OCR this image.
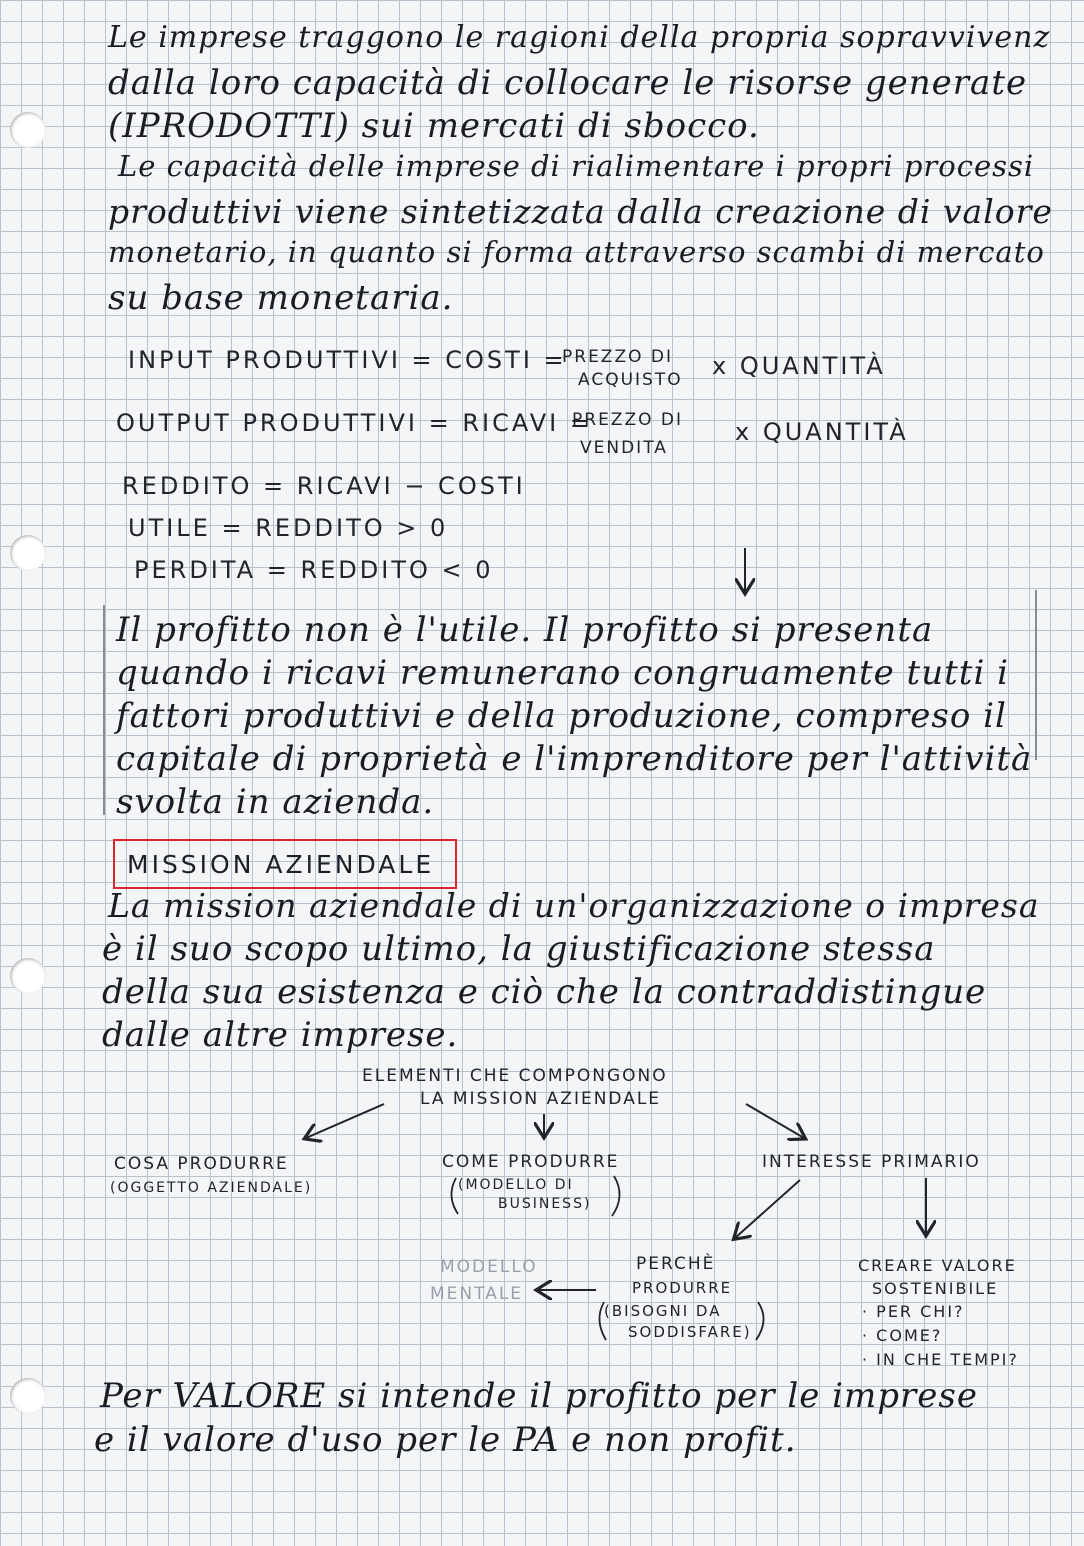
Le imprese traggono le ragioni della propria sopravvivenz
dalla loro capacità di collocare le risorse generate
(IPRODOTTI) sui mercati di sbocco.
Le capacità delle imprese di rialimentare i propri processi
produttivi viene sintetizzata dalla creazione di valore
monetario, in quanto si forma attraverso scambi di mercato
su base monetaria.
INPUT PRODUTTIVI = COSTI =
PREZZO DI
ACQUISTO x QUANTITÀ
OUTPUT PRODUTTIVI = RICAVI =
PREZZO DI
VENDITA
x QUANTITÀ
REDDITO = RICAVI − COSTI
UTILE = REDDITO > 0
PERDITA = REDDITO < 0
Il profitto non è l'utile. Il profitto si presenta
quando i ricavi remunerano congruamente tutti i
fattori produttivi e della produzione, compreso il
capitale di proprietà e l'imprenditore per l'attività
svolta in azienda.
MISSION AZIENDALE
La mission aziendale di un'organizzazione o impresa
è il suo scopo ultimo, la giustificazione stessa
della sua esistenza e ciò che la contraddistingue
dalle altre imprese.
ELEMENTI CHE COMPONGONO
LA MISSION AZIENDALE
COSA PRODURRE
(OGGETTO AZIENDALE)
COME PRODURRE
(MODELLO DI
BUSINESS)
INTERESSE PRIMARIO
PERCHÈ
PRODURRE
(BISOGNI DA
SODDISFARE)
MODELLO
MENTALE
CREARE VALORE
SOSTENIBILE
· PER CHI?
· COME?
· IN CHE TEMPI?
Per VALORE si intende il profitto per le imprese
e il valore d'uso per le PA e non profit.
